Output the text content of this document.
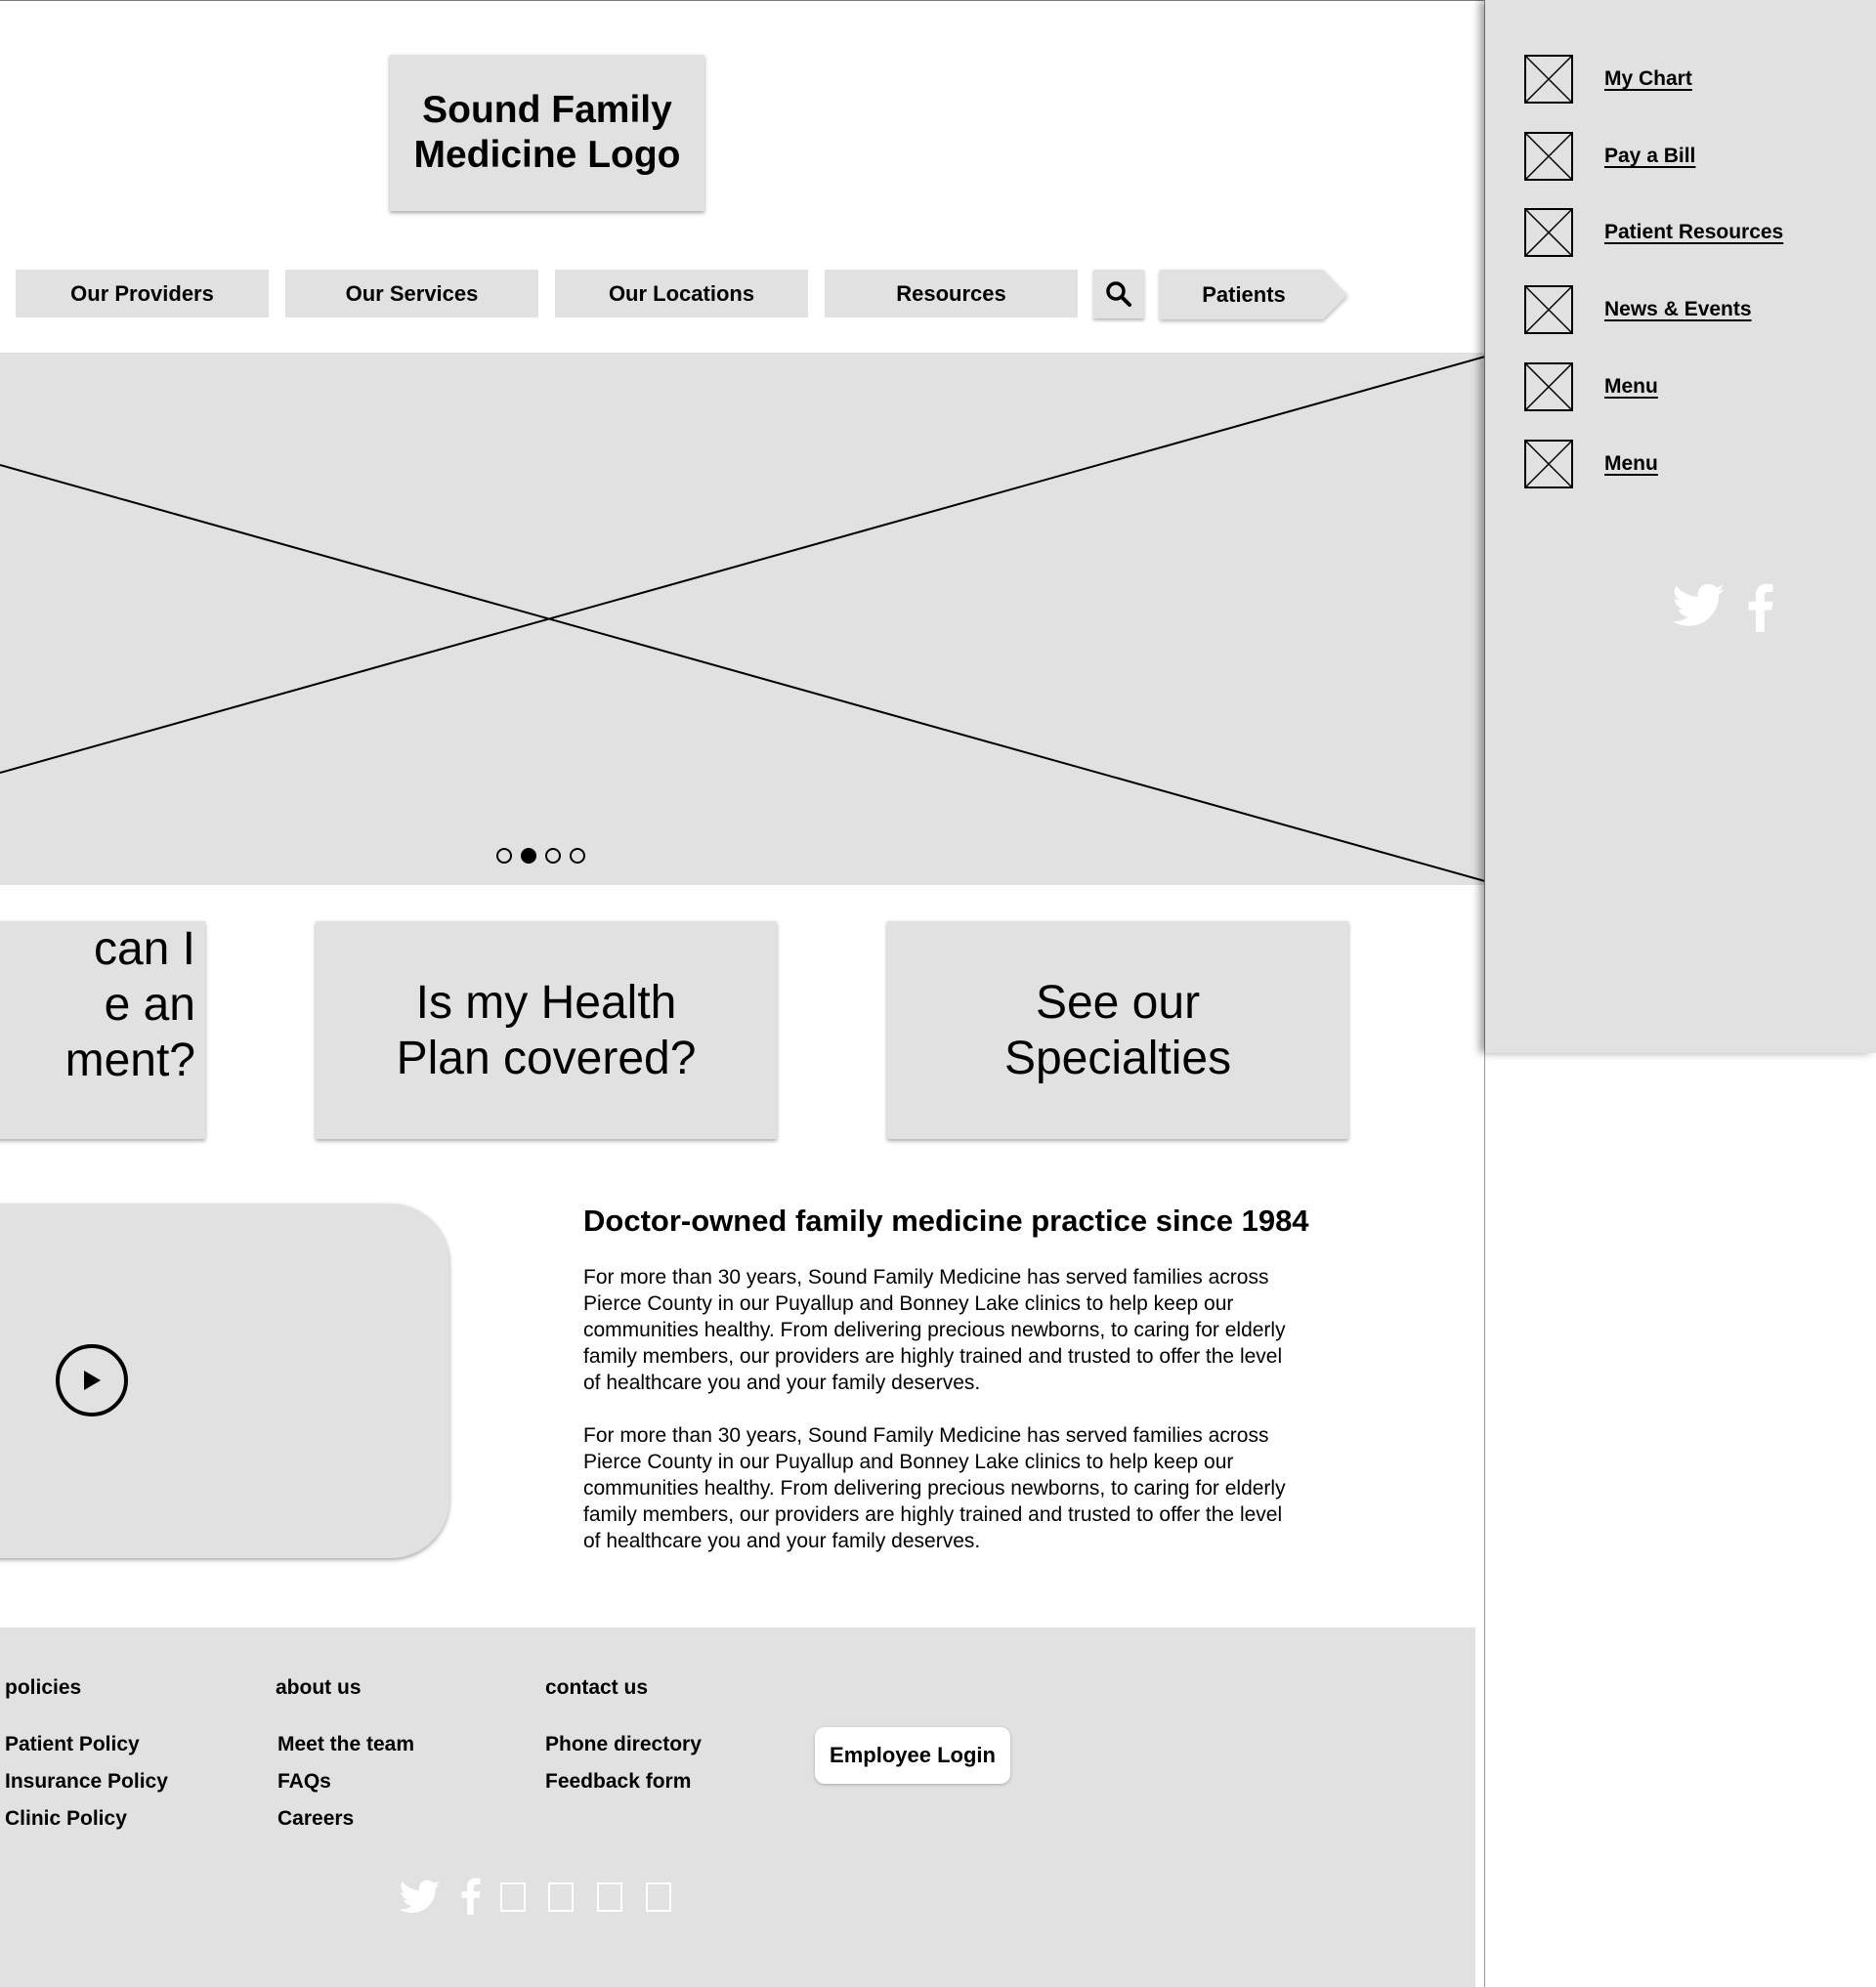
Sound Family
Medicine Logo
Our Providers	Our Services	Our Locations	Resources	Patients
can I
e an
ment?
Is my Health
Plan covered?
See our
Specialties
Doctor-owned family medicine practice since 1984
For more than 30 years, Sound Family Medicine has served families across
Pierce County in our Puyallup and Bonney Lake clinics to help keep our
communities healthy. From delivering precious newborns, to caring for elderly
family members, our providers are highly trained and trusted to offer the level
of healthcare you and your family deserves.
For more than 30 years, Sound Family Medicine has served families across
Pierce County in our Puyallup and Bonney Lake clinics to help keep our
communities healthy. From delivering precious newborns, to caring for elderly
family members, our providers are highly trained and trusted to offer the level
of healthcare you and your family deserves.
policies
Patient Policy
Insurance Policy
Clinic Policy
about us
Meet the team
FAQs
Careers
contact us
Phone directory
Feedback form
Employee Login
My Chart
Pay a Bill
Patient Resources
News & Events
Menu
Menu
